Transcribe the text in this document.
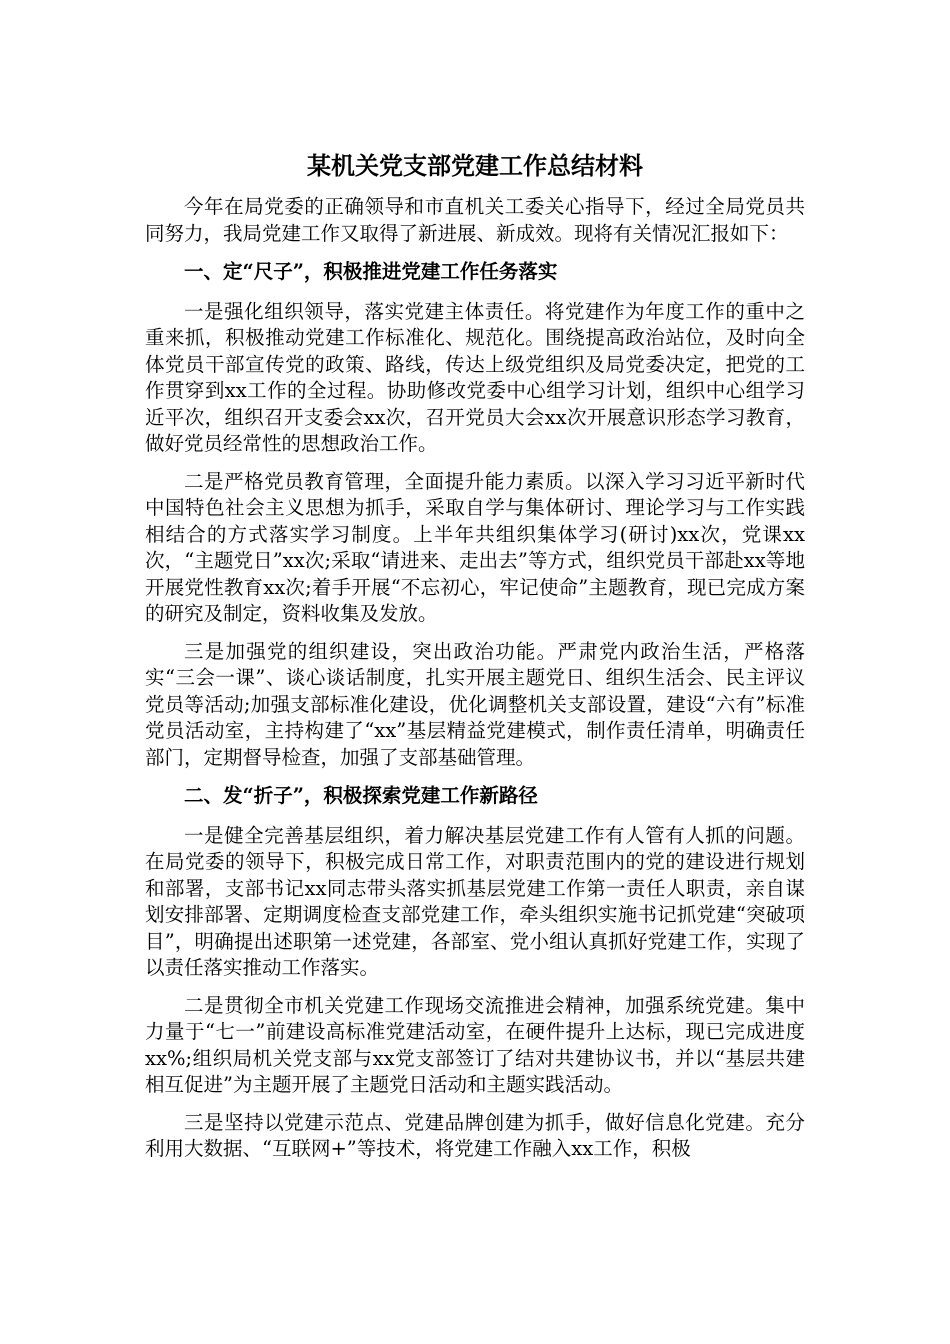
某机关党支部党建工作总结材料

今年在局党委的正确领导和市直机关工委关心指导下，经过全局党员共同努力，我局党建工作又取得了新进展、新成效。现将有关情况汇报如下：

一、定“尺子”，积极推进党建工作任务落实

一是强化组织领导，落实党建主体责任。将党建作为年度工作的重中之重来抓，积极推动党建工作标准化、规范化。围绕提高政治站位，及时向全体党员干部宣传党的政策、路线，传达上级党组织及局党委决定，把党的工作贯穿到xx工作的全过程。协助修改党委中心组学习计划，组织中心组学习近平次，组织召开支委会xx次，召开党员大会xx次开展意识形态学习教育，做好党员经常性的思想政治工作。

二是严格党员教育管理，全面提升能力素质。以深入学习习近平新时代中国特色社会主义思想为抓手，采取自学与集体研讨、理论学习与工作实践相结合的方式落实学习制度。上半年共组织集体学习(研讨)xx次，党课xx次，“主题党日”xx次;采取“请进来、走出去”等方式，组织党员干部赴xx等地开展党性教育xx次;着手开展“不忘初心，牢记使命”主题教育，现已完成方案的研究及制定，资料收集及发放。

三是加强党的组织建设，突出政治功能。严肃党内政治生活，严格落实“三会一课”、谈心谈话制度，扎实开展主题党日、组织生活会、民主评议党员等活动;加强支部标准化建设，优化调整机关支部设置，建设“六有”标准党员活动室，主持构建了“xx”基层精益党建模式，制作责任清单，明确责任部门，定期督导检查，加强了支部基础管理。

二、发“折子”，积极探索党建工作新路径

一是健全完善基层组织，着力解决基层党建工作有人管有人抓的问题。在局党委的领导下，积极完成日常工作，对职责范围内的党的建设进行规划和部署，支部书记xx同志带头落实抓基层党建工作第一责任人职责，亲自谋划安排部署、定期调度检查支部党建工作，牵头组织实施书记抓党建“突破项目”，明确提出述职第一述党建，各部室、党小组认真抓好党建工作，实现了以责任落实推动工作落实。

二是贯彻全市机关党建工作现场交流推进会精神，加强系统党建。集中力量于“七一”前建设高标准党建活动室，在硬件提升上达标，现已完成进度xx%;组织局机关党支部与xx党支部签订了结对共建协议书，并以“基层共建相互促进”为主题开展了主题党日活动和主题实践活动。

三是坚持以党建示范点、党建品牌创建为抓手，做好信息化党建。充分利用大数据、“互联网+”等技术，将党建工作融入xx工作，积极
